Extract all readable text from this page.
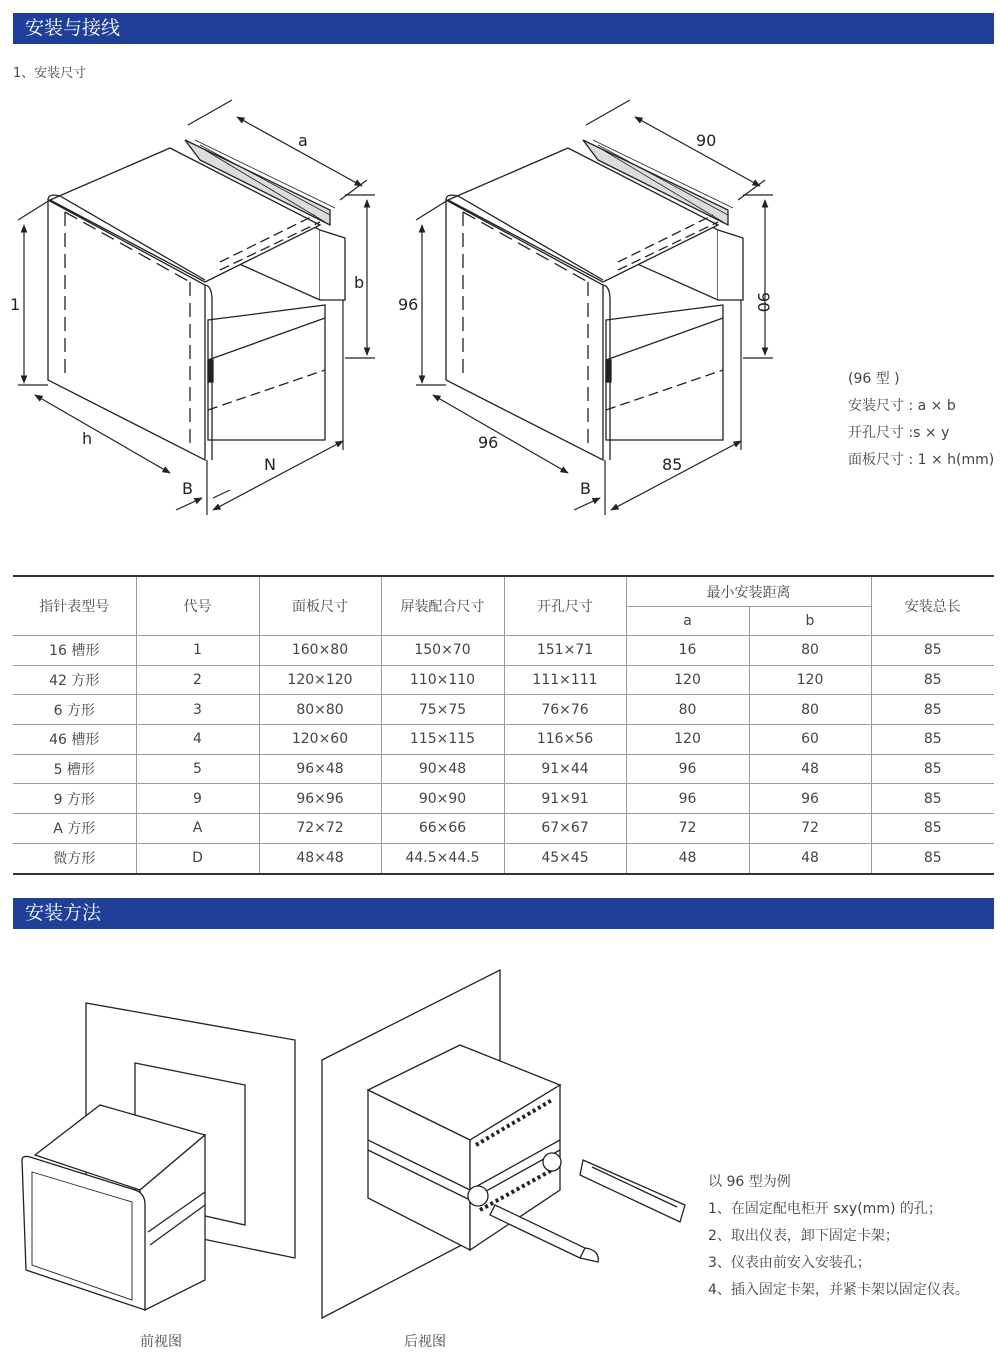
安装与接线
1、安装尺寸
a
1
b
h
B
N
90
96	90
96
B
85
(96 型 )
安装尺寸 : a × b
开孔尺寸 :s × y
面板尺寸 : 1 × h(mm)
指针表型号	代号	面板尺寸	屏装配合尺寸	开孔尺寸	最小安装距离		安装总长
					a	b	
16 槽形	1	160×80	150×70	151×71	16	80	85
42 方形	2	120×120	110×110	111×111	120	120	85
6 方形	3	80×80	75×75	76×76	80	80	85
46 槽形	4	120×60	115×115	116×56	120	60	85
5 槽形	5	96×48	90×48	91×44	96	48	85
9 方形	9	96×96	90×90	91×91	96	96	85
A 方形	A	72×72	66×66	67×67	72	72	85
微方形	D	48×48	44.5×44.5	45×45	48	48	85
安装方法
以 96 型为例
1、在固定配电柜开 sxy(mm) 的孔；
2、取出仪表，卸下固定卡架；
3、仪表由前安入安装孔；
4、插入固定卡架，并紧卡架以固定仪表。
前视图	后视图
